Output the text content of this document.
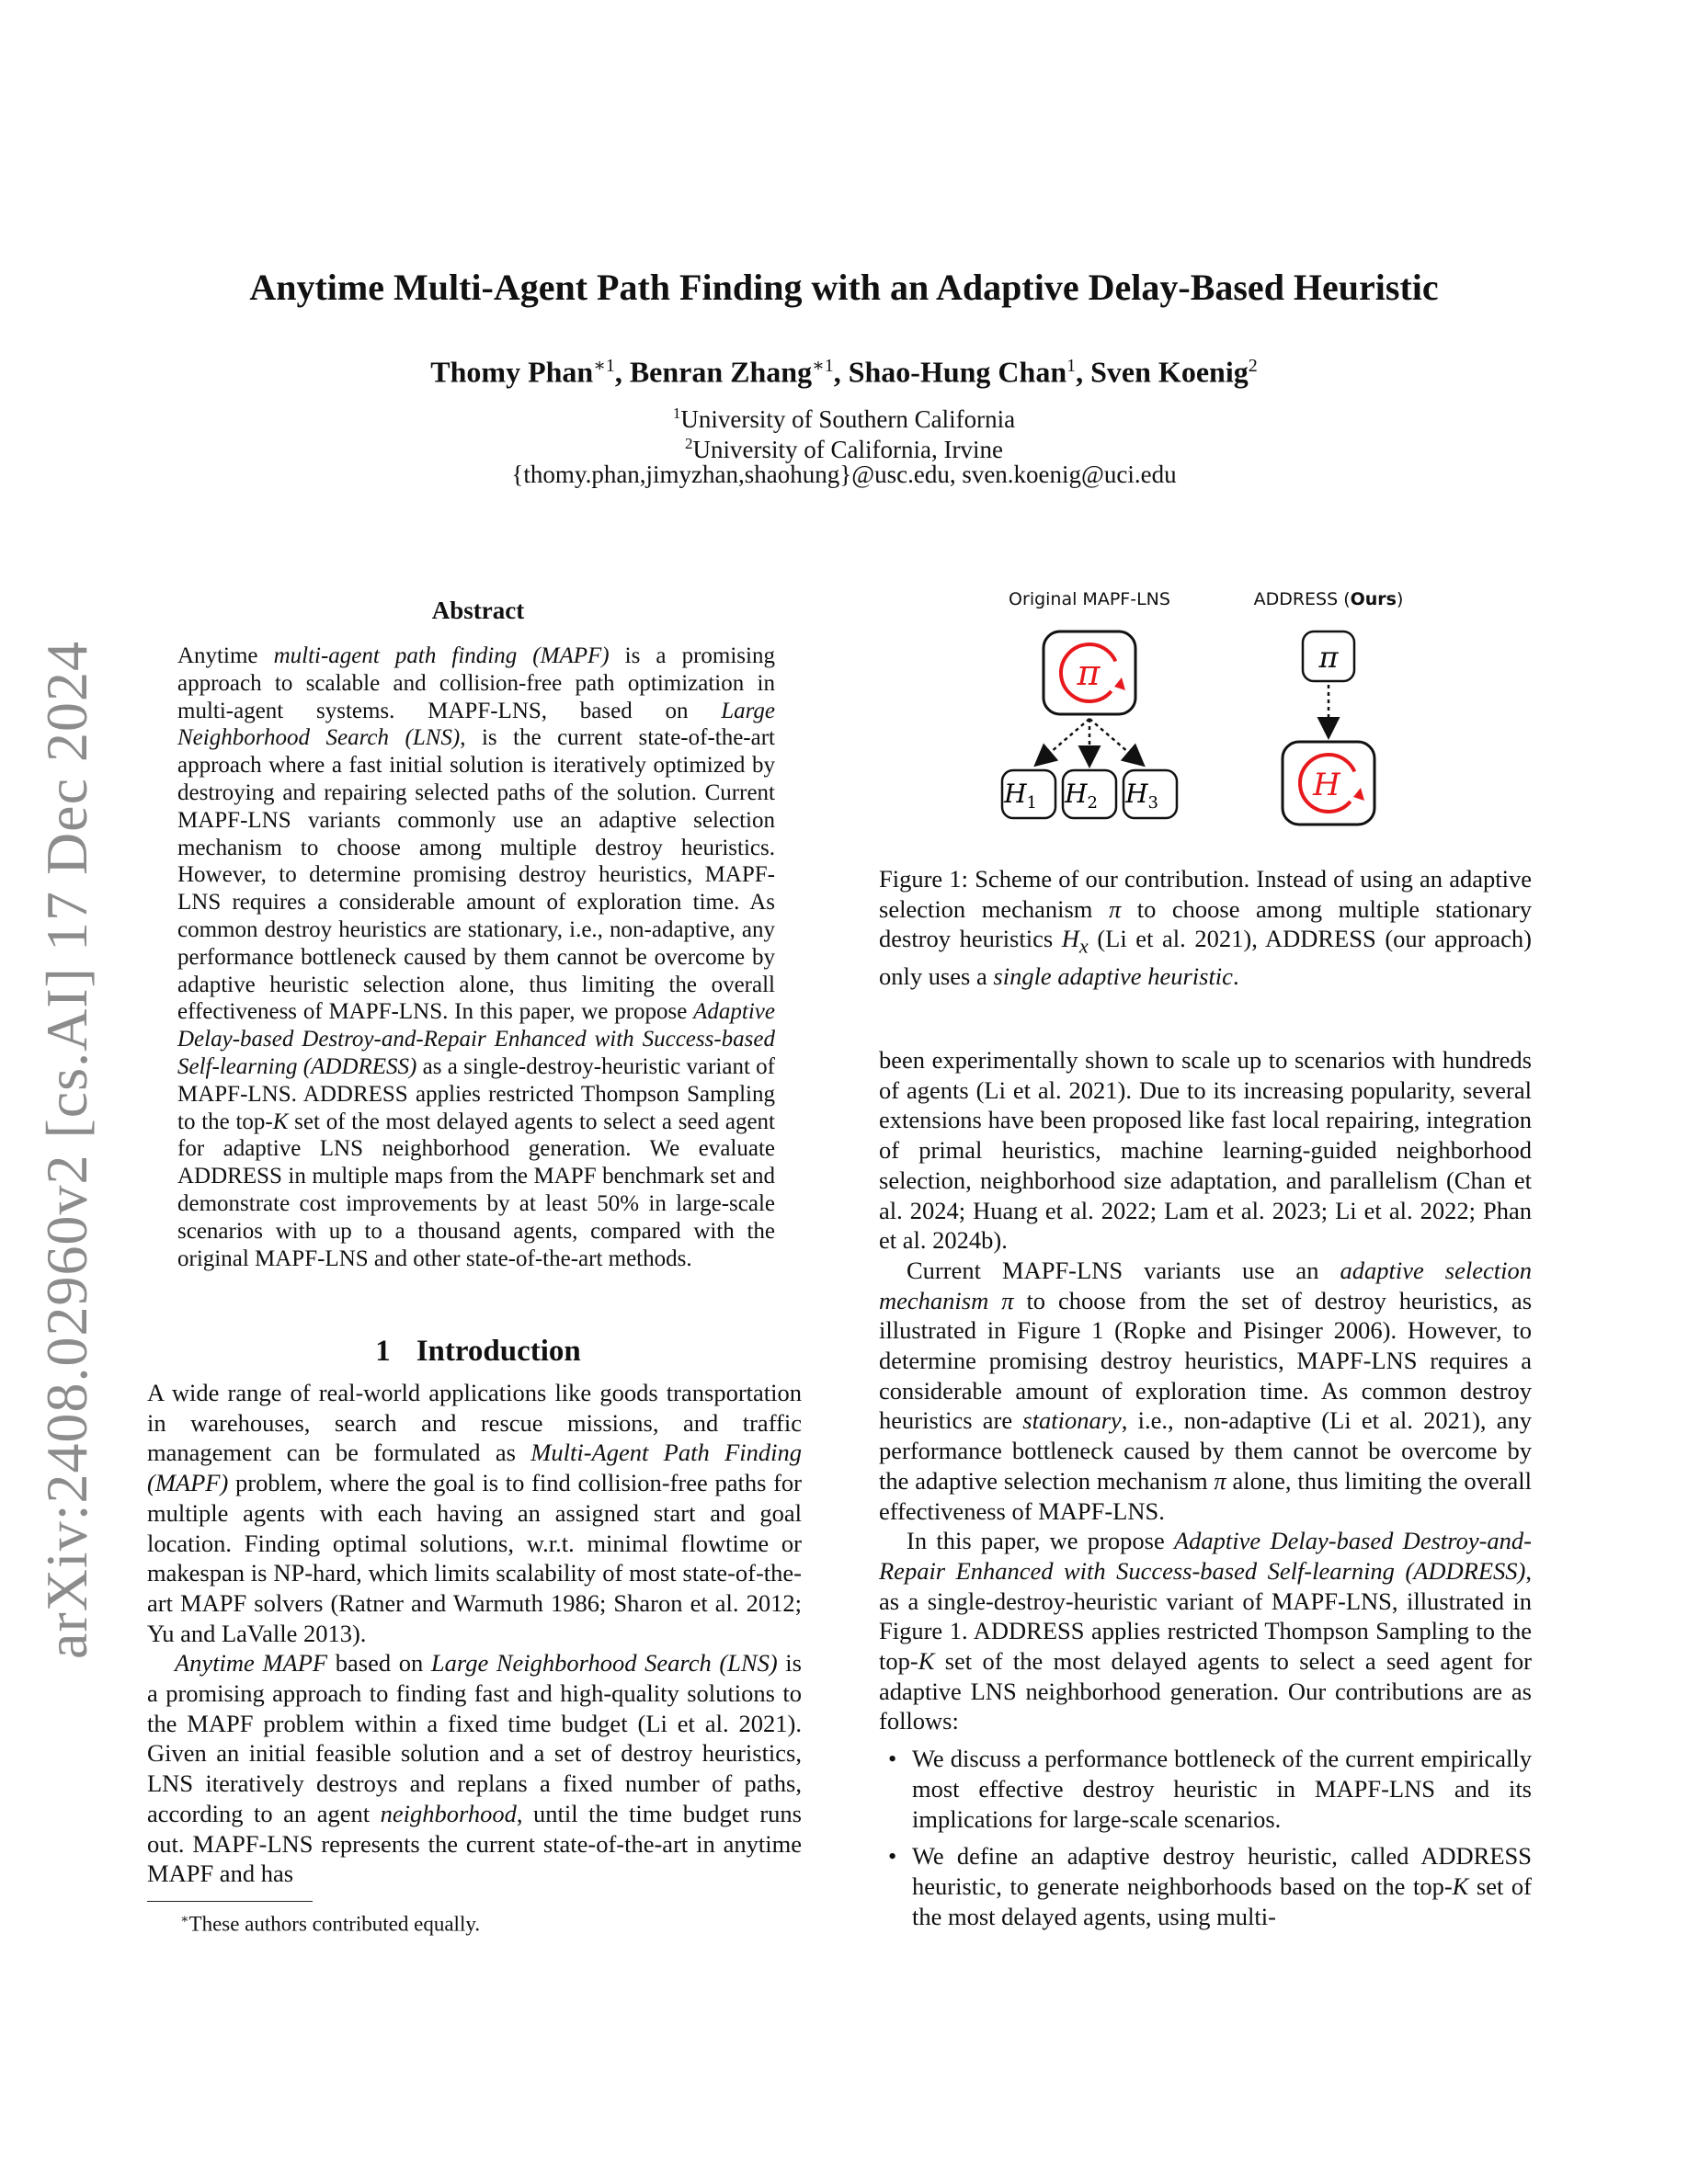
arXiv:2408.02960v2 [cs.AI] 17 Dec 2024
Anytime Multi-Agent Path Finding with an Adaptive Delay-Based Heuristic
Thomy Phan$^{∗1}$, Benran Zhang$^{∗1}$, Shao-Hung Chan$^1$, Sven Koenig$^2$
$^1$University of Southern California
$^2$University of California, Irvine
{thomy.phan,jimyzhan,shaohung}@usc.edu, sven.koenig@uci.edu
Abstract
Anytime multi-agent path finding (MAPF) is a promising approach to scalable and collision-free path optimization in multi-agent systems. MAPF-LNS, based on Large Neighborhood Search (LNS), is the current state-of-the-art approach where a fast initial solution is iteratively optimized by destroying and repairing selected paths of the solution. Current MAPF-LNS variants commonly use an adaptive selection mechanism to choose among multiple destroy heuristics. However, to determine promising destroy heuristics, MAPF-LNS requires a considerable amount of exploration time. As common destroy heuristics are stationary, i.e., non-adaptive, any performance bottleneck caused by them cannot be overcome by adaptive heuristic selection alone, thus limiting the overall effectiveness of MAPF-LNS. In this paper, we propose Adaptive Delay-based Destroy-and-Repair Enhanced with Success-based Self-learning (ADDRESS) as a single-destroy-heuristic variant of MAPF-LNS. ADDRESS applies restricted Thompson Sampling to the top-K set of the most delayed agents to select a seed agent for adaptive LNS neighborhood generation. We evaluate ADDRESS in multiple maps from the MAPF benchmark set and demonstrate cost improvements by at least 50% in large-scale scenarios with up to a thousand agents, compared with the original MAPF-LNS and other state-of-the-art methods.
1 Introduction

A wide range of real-world applications like goods transportation in warehouses, search and rescue missions, and traffic management can be formulated as Multi-Agent Path Finding (MAPF) problem, where the goal is to find collision-free paths for multiple agents with each having an assigned start and goal location. Finding optimal solutions, w.r.t. minimal flowtime or makespan is NP-hard, which limits scalability of most state-of-the-art MAPF solvers (Ratner and Warmuth 1986; Sharon et al. 2012; Yu and LaValle 2013).

Anytime MAPF based on Large Neighborhood Search (LNS) is a promising approach to finding fast and high-quality solutions to the MAPF problem within a fixed time budget (Li et al. 2021). Given an initial feasible solution and a set of destroy heuristics, LNS iteratively destroys and replans a fixed number of paths, according to an agent neighborhood, until the time budget runs out. MAPF-LNS represents the current state-of-the-art in anytime MAPF and has

∗These authors contributed equally.
Original MAPF-LNS	ADDRESS (Ours)
π
$H_1$ $H_2$ $H_3$
π
H
Figure 1: Scheme of our contribution. Instead of using an adaptive selection mechanism π to choose among multiple stationary destroy heuristics $H_x$ (Li et al. 2021), ADDRESS (our approach) only uses a single adaptive heuristic.

been experimentally shown to scale up to scenarios with hundreds of agents (Li et al. 2021). Due to its increasing popularity, several extensions have been proposed like fast local repairing, integration of primal heuristics, machine learning-guided neighborhood selection, neighborhood size adaptation, and parallelism (Chan et al. 2024; Huang et al. 2022; Lam et al. 2023; Li et al. 2022; Phan et al. 2024b).

Current MAPF-LNS variants use an adaptive selection mechanism π to choose from the set of destroy heuristics, as illustrated in Figure 1 (Ropke and Pisinger 2006). However, to determine promising destroy heuristics, MAPF-LNS requires a considerable amount of exploration time. As common destroy heuristics are stationary, i.e., non-adaptive (Li et al. 2021), any performance bottleneck caused by them cannot be overcome by the adaptive selection mechanism π alone, thus limiting the overall effectiveness of MAPF-LNS.

In this paper, we propose Adaptive Delay-based Destroy-and-Repair Enhanced with Success-based Self-learning (ADDRESS), as a single-destroy-heuristic variant of MAPF-LNS, illustrated in Figure 1. ADDRESS applies restricted Thompson Sampling to the top-K set of the most delayed agents to select a seed agent for adaptive LNS neighborhood generation. Our contributions are as follows:

• We discuss a performance bottleneck of the current empirically most effective destroy heuristic in MAPF-LNS and its implications for large-scale scenarios.
• We define an adaptive destroy heuristic, called ADDRESS heuristic, to generate neighborhoods based on the top-K set of the most delayed agents, using multi-
